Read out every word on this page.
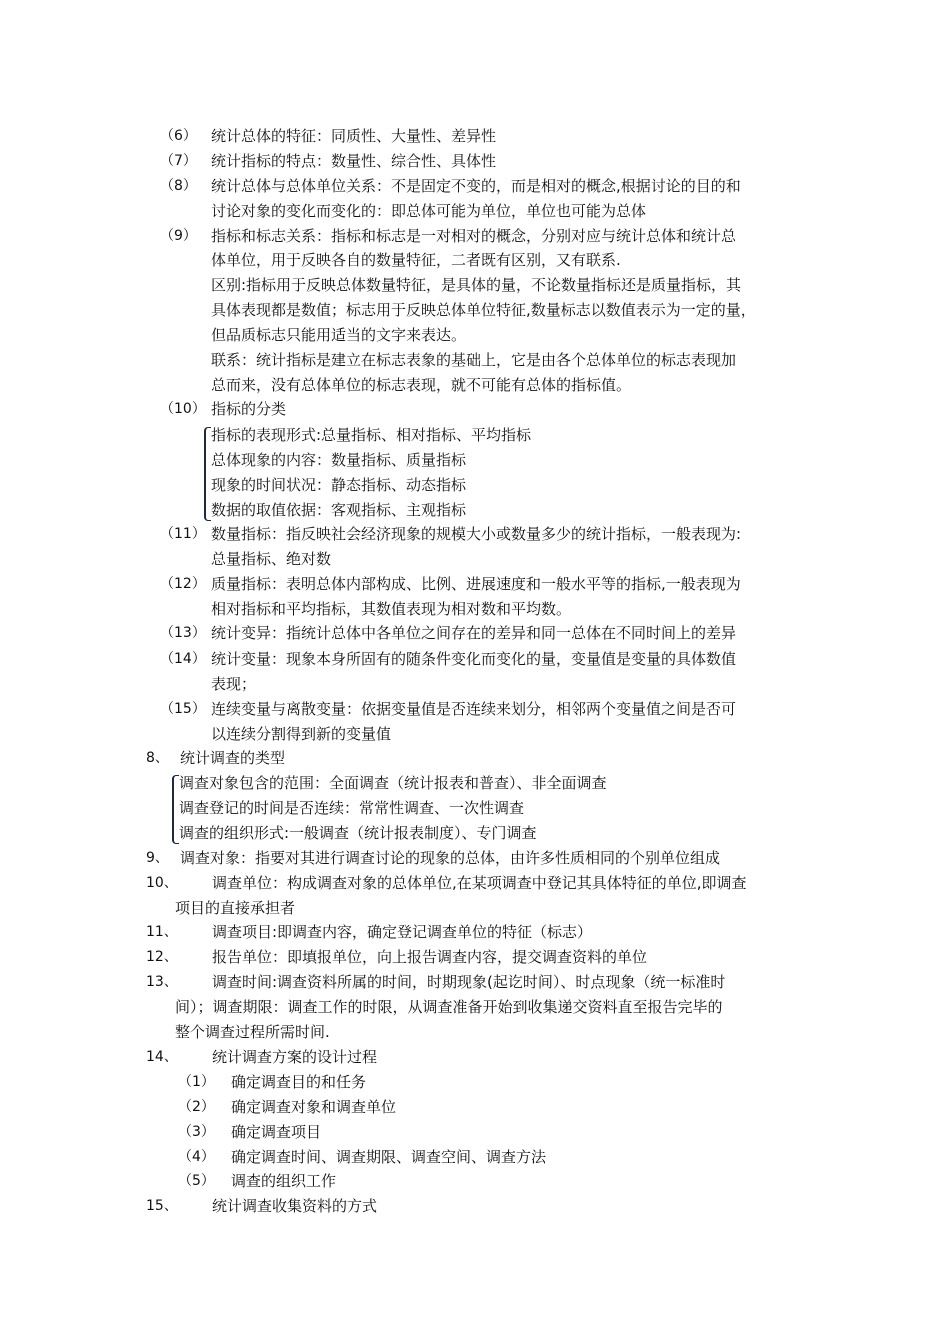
（6） 统计总体的特征：同质性、大量性、差异性
（7） 统计指标的特点：数量性、综合性、具体性
（8） 统计总体与总体单位关系：不是固定不变的，而是相对的概念,根据讨论的目的和
讨论对象的变化而变化的：即总体可能为单位，单位也可能为总体
（9） 指标和标志关系：指标和标志是一对相对的概念，分别对应与统计总体和统计总
体单位，用于反映各自的数量特征，二者既有区别，又有联系.
区别:指标用于反映总体数量特征，是具体的量，不论数量指标还是质量指标，其
具体表现都是数值；标志用于反映总体单位特征,数量标志以数值表示为一定的量，
但品质标志只能用适当的文字来表达。
联系：统计指标是建立在标志表象的基础上，它是由各个总体单位的标志表现加
总而来，没有总体单位的标志表现，就不可能有总体的指标值。
（10） 指标的分类
指标的表现形式:总量指标、相对指标、平均指标
总体现象的内容：数量指标、质量指标
现象的时间状况：静态指标、动态指标
数据的取值依据：客观指标、主观指标
（11） 数量指标：指反映社会经济现象的规模大小或数量多少的统计指标，一般表现为:
总量指标、绝对数
（12） 质量指标：表明总体内部构成、比例、进展速度和一般水平等的指标,一般表现为
相对指标和平均指标，其数值表现为相对数和平均数。
（13） 统计变异：指统计总体中各单位之间存在的差异和同一总体在不同时间上的差异
（14） 统计变量：现象本身所固有的随条件变化而变化的量，变量值是变量的具体数值
表现；
（15） 连续变量与离散变量：依据变量值是否连续来划分，相邻两个变量值之间是否可
以连续分割得到新的变量值
8、 统计调查的类型
调查对象包含的范围：全面调查（统计报表和普查）、非全面调查
调查登记的时间是否连续：常常性调查、一次性调查
调查的组织形式:一般调查（统计报表制度）、专门调查
9、 调查对象：指要对其进行调查讨论的现象的总体，由许多性质相同的个别单位组成
10、 调查单位：构成调查对象的总体单位,在某项调查中登记其具体特征的单位,即调查
项目的直接承担者
11、 调查项目:即调查内容，确定登记调查单位的特征（标志）
12、 报告单位：即填报单位，向上报告调查内容，提交调查资料的单位
13、 调查时间:调查资料所属的时间，时期现象(起讫时间）、时点现象（统一标准时
间）；调查期限：调查工作的时限，从调查准备开始到收集递交资料直至报告完毕的
整个调查过程所需时间.
14、 统计调查方案的设计过程
（1） 确定调查目的和任务
（2） 确定调查对象和调查单位
（3） 确定调查项目
（4） 确定调查时间、调查期限、调查空间、调查方法
（5） 调查的组织工作
15、 统计调查收集资料的方式
